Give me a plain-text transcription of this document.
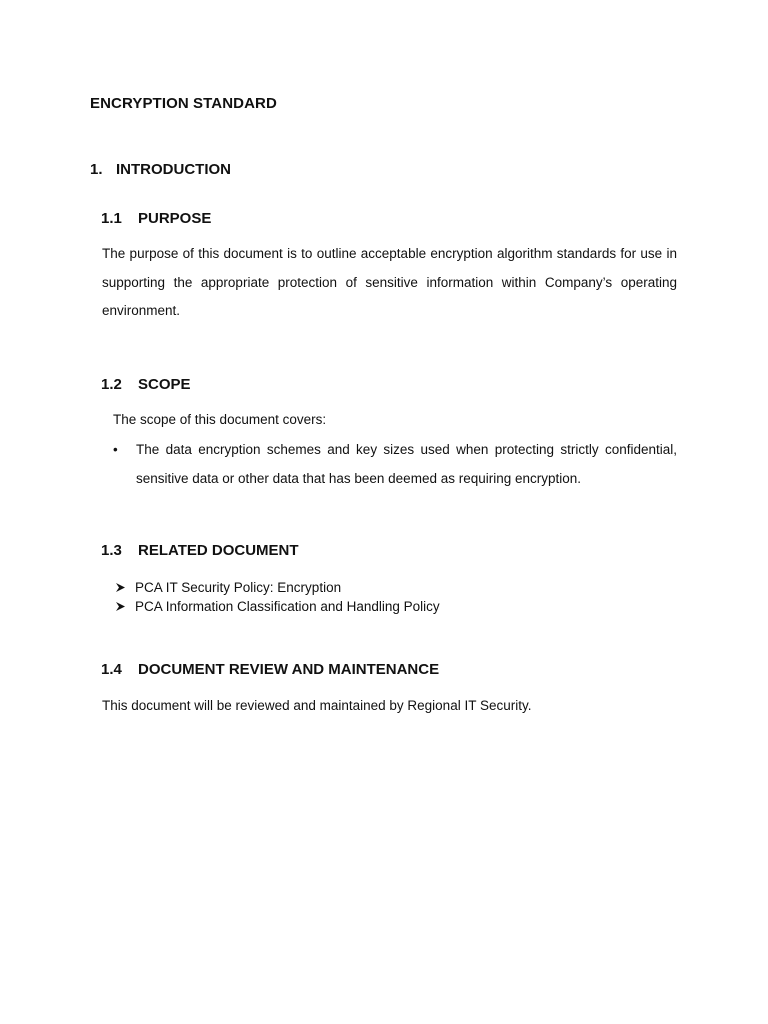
ENCRYPTION STANDARD
1. INTRODUCTION
1.1	PURPOSE
The purpose of this document is to outline acceptable encryption algorithm standards for use in supporting the appropriate protection of sensitive information within Company’s operating environment.
1.2	SCOPE
The scope of this document covers:
•	The data encryption schemes and key sizes used when protecting strictly confidential, sensitive data or other data that has been deemed as requiring encryption.
1.3	RELATED DOCUMENT
PCA IT Security Policy: Encryption
PCA Information Classification and Handling Policy
1.4	DOCUMENT REVIEW AND MAINTENANCE
This document will be reviewed and maintained by Regional IT Security.
